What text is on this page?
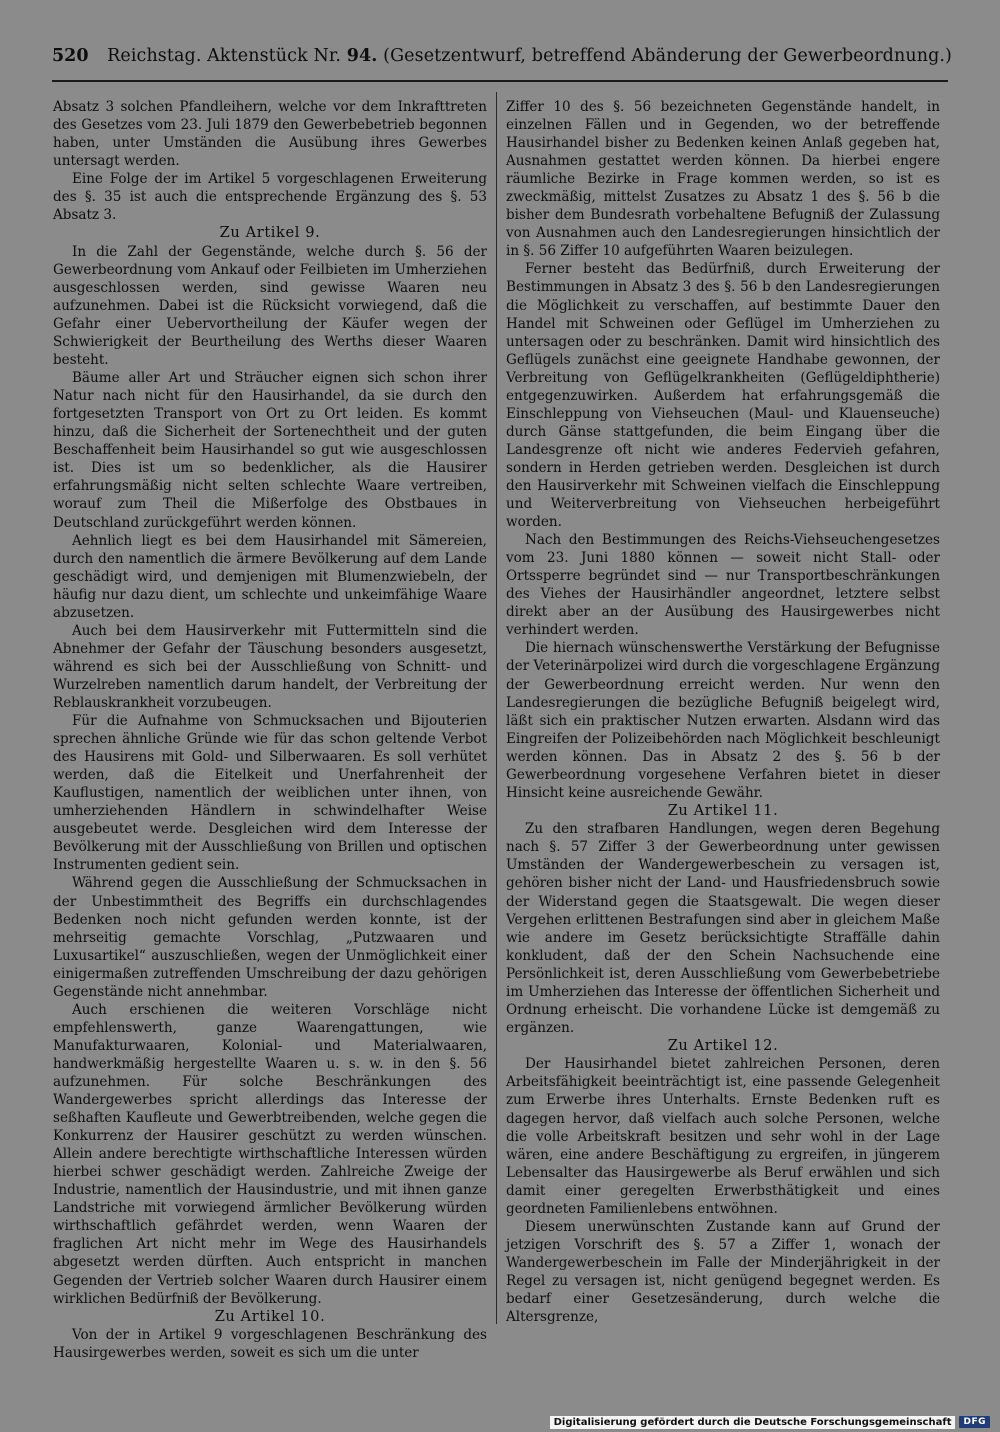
520	Reichstag. Aktenstück Nr. 94. (Gesetzentwurf, betreffend Abänderung der Gewerbeordnung.)

Absatz 3 solchen Pfandleihern, welche vor dem Inkrafttreten des Gesetzes vom 23. Juli 1879 den Gewerbebetrieb begonnen haben, unter Umständen die Ausübung ihres Gewerbes untersagt werden.

Eine Folge der im Artikel 5 vorgeschlagenen Erweiterung des §. 35 ist auch die entsprechende Ergänzung des §. 53 Absatz 3.

Zu Artikel 9.

In die Zahl der Gegenstände, welche durch §. 56 der Gewerbeordnung vom Ankauf oder Feilbieten im Umherziehen ausgeschlossen werden, sind gewisse Waaren neu aufzunehmen. Dabei ist die Rücksicht vorwiegend, daß die Gefahr einer Uebervortheilung der Käufer wegen der Schwierigkeit der Beurtheilung des Werths dieser Waaren besteht.

Bäume aller Art und Sträucher eignen sich schon ihrer Natur nach nicht für den Hausirhandel, da sie durch den fortgesetzten Transport von Ort zu Ort leiden. Es kommt hinzu, daß die Sicherheit der Sortenechtheit und der guten Beschaffenheit beim Hausirhandel so gut wie ausgeschlossen ist. Dies ist um so bedenklicher, als die Hausirer erfahrungsmäßig nicht selten schlechte Waare vertreiben, worauf zum Theil die Mißerfolge des Obstbaues in Deutschland zurückgeführt werden können.

Aehnlich liegt es bei dem Hausirhandel mit Sämereien, durch den namentlich die ärmere Bevölkerung auf dem Lande geschädigt wird, und demjenigen mit Blumenzwiebeln, der häufig nur dazu dient, um schlechte und unkeimfähige Waare abzusetzen.

Auch bei dem Hausirverkehr mit Futtermitteln sind die Abnehmer der Gefahr der Täuschung besonders ausgesetzt, während es sich bei der Ausschließung von Schnitt- und Wurzelreben namentlich darum handelt, der Verbreitung der Reblauskrankheit vorzubeugen.

Für die Aufnahme von Schmucksachen und Bijouterien sprechen ähnliche Gründe wie für das schon geltende Verbot des Hausirens mit Gold- und Silberwaaren. Es soll verhütet werden, daß die Eitelkeit und Unerfahrenheit der Kauflustigen, namentlich der weiblichen unter ihnen, von umherziehenden Händlern in schwindelhafter Weise ausgebeutet werde. Desgleichen wird dem Interesse der Bevölkerung mit der Ausschließung von Brillen und optischen Instrumenten gedient sein.

Während gegen die Ausschließung der Schmucksachen in der Unbestimmtheit des Begriffs ein durchschlagendes Bedenken noch nicht gefunden werden konnte, ist der mehrseitig gemachte Vorschlag, „Putzwaaren und Luxusartikel“ auszuschließen, wegen der Unmöglichkeit einer einigermaßen zutreffenden Umschreibung der dazu gehörigen Gegenstände nicht annehmbar.

Auch erschienen die weiteren Vorschläge nicht empfehlenswerth, ganze Waarengattungen, wie Manufakturwaaren, Kolonial- und Materialwaaren, handwerkmäßig hergestellte Waaren u. s. w. in den §. 56 aufzunehmen. Für solche Beschränkungen des Wandergewerbes spricht allerdings das Interesse der seßhaften Kaufleute und Gewerbtreibenden, welche gegen die Konkurrenz der Hausirer geschützt zu werden wünschen. Allein andere berechtigte wirthschaftliche Interessen würden hierbei schwer geschädigt werden. Zahlreiche Zweige der Industrie, namentlich der Hausindustrie, und mit ihnen ganze Landstriche mit vorwiegend ärmlicher Bevölkerung würden wirthschaftlich gefährdet werden, wenn Waaren der fraglichen Art nicht mehr im Wege des Hausirhandels abgesetzt werden dürften. Auch entspricht in manchen Gegenden der Vertrieb solcher Waaren durch Hausirer einem wirklichen Bedürfniß der Bevölkerung.

Zu Artikel 10.

Von der in Artikel 9 vorgeschlagenen Beschränkung des Hausirgewerbes werden, soweit es sich um die unter

Ziffer 10 des §. 56 bezeichneten Gegenstände handelt, in einzelnen Fällen und in Gegenden, wo der betreffende Hausirhandel bisher zu Bedenken keinen Anlaß gegeben hat, Ausnahmen gestattet werden können. Da hierbei engere räumliche Bezirke in Frage kommen werden, so ist es zweckmäßig, mittelst Zusatzes zu Absatz 1 des §. 56 b die bisher dem Bundesrath vorbehaltene Befugniß der Zulassung von Ausnahmen auch den Landesregierungen hinsichtlich der in §. 56 Ziffer 10 aufgeführten Waaren beizulegen.

Ferner besteht das Bedürfniß, durch Erweiterung der Bestimmungen in Absatz 3 des §. 56 b den Landesregierungen die Möglichkeit zu verschaffen, auf bestimmte Dauer den Handel mit Schweinen oder Geflügel im Umherziehen zu untersagen oder zu beschränken. Damit wird hinsichtlich des Geflügels zunächst eine geeignete Handhabe gewonnen, der Verbreitung von Geflügelkrankheiten (Geflügeldiphtherie) entgegenzuwirken. Außerdem hat erfahrungsgemäß die Einschleppung von Viehseuchen (Maul- und Klauenseuche) durch Gänse stattgefunden, die beim Eingang über die Landesgrenze oft nicht wie anderes Federvieh gefahren, sondern in Herden getrieben werden. Desgleichen ist durch den Hausirverkehr mit Schweinen vielfach die Einschleppung und Weiterverbreitung von Viehseuchen herbeigeführt worden.

Nach den Bestimmungen des Reichs-Viehseuchengesetzes vom 23. Juni 1880 können — soweit nicht Stall- oder Ortssperre begründet sind — nur Transportbeschränkungen des Viehes der Hausirhändler angeordnet, letztere selbst direkt aber an der Ausübung des Hausirgewerbes nicht verhindert werden.

Die hiernach wünschenswerthe Verstärkung der Befugnisse der Veterinärpolizei wird durch die vorgeschlagene Ergänzung der Gewerbeordnung erreicht werden. Nur wenn den Landesregierungen die bezügliche Befugniß beigelegt wird, läßt sich ein praktischer Nutzen erwarten. Alsdann wird das Eingreifen der Polizeibehörden nach Möglichkeit beschleunigt werden können. Das in Absatz 2 des §. 56 b der Gewerbeordnung vorgesehene Verfahren bietet in dieser Hinsicht keine ausreichende Gewähr.

Zu Artikel 11.

Zu den strafbaren Handlungen, wegen deren Begehung nach §. 57 Ziffer 3 der Gewerbeordnung unter gewissen Umständen der Wandergewerbeschein zu versagen ist, gehören bisher nicht der Land- und Hausfriedensbruch sowie der Widerstand gegen die Staatsgewalt. Die wegen dieser Vergehen erlittenen Bestrafungen sind aber in gleichem Maße wie andere im Gesetz berücksichtigte Straffälle dahin konkludent, daß der den Schein Nachsuchende eine Persönlichkeit ist, deren Ausschließung vom Gewerbebetriebe im Umherziehen das Interesse der öffentlichen Sicherheit und Ordnung erheischt. Die vorhandene Lücke ist demgemäß zu ergänzen.

Zu Artikel 12.

Der Hausirhandel bietet zahlreichen Personen, deren Arbeitsfähigkeit beeinträchtigt ist, eine passende Gelegenheit zum Erwerbe ihres Unterhalts. Ernste Bedenken ruft es dagegen hervor, daß vielfach auch solche Personen, welche die volle Arbeitskraft besitzen und sehr wohl in der Lage wären, eine andere Beschäftigung zu ergreifen, in jüngerem Lebensalter das Hausirgewerbe als Beruf erwählen und sich damit einer geregelten Erwerbsthätigkeit und eines geordneten Familienlebens entwöhnen.

Diesem unerwünschten Zustande kann auf Grund der jetzigen Vorschrift des §. 57 a Ziffer 1, wonach der Wandergewerbeschein im Falle der Minderjährigkeit in der Regel zu versagen ist, nicht genügend begegnet werden. Es bedarf einer Gesetzesänderung, durch welche die Altersgrenze,

Digitalisierung gefördert durch die Deutsche Forschungsgemeinschaft	DFG
